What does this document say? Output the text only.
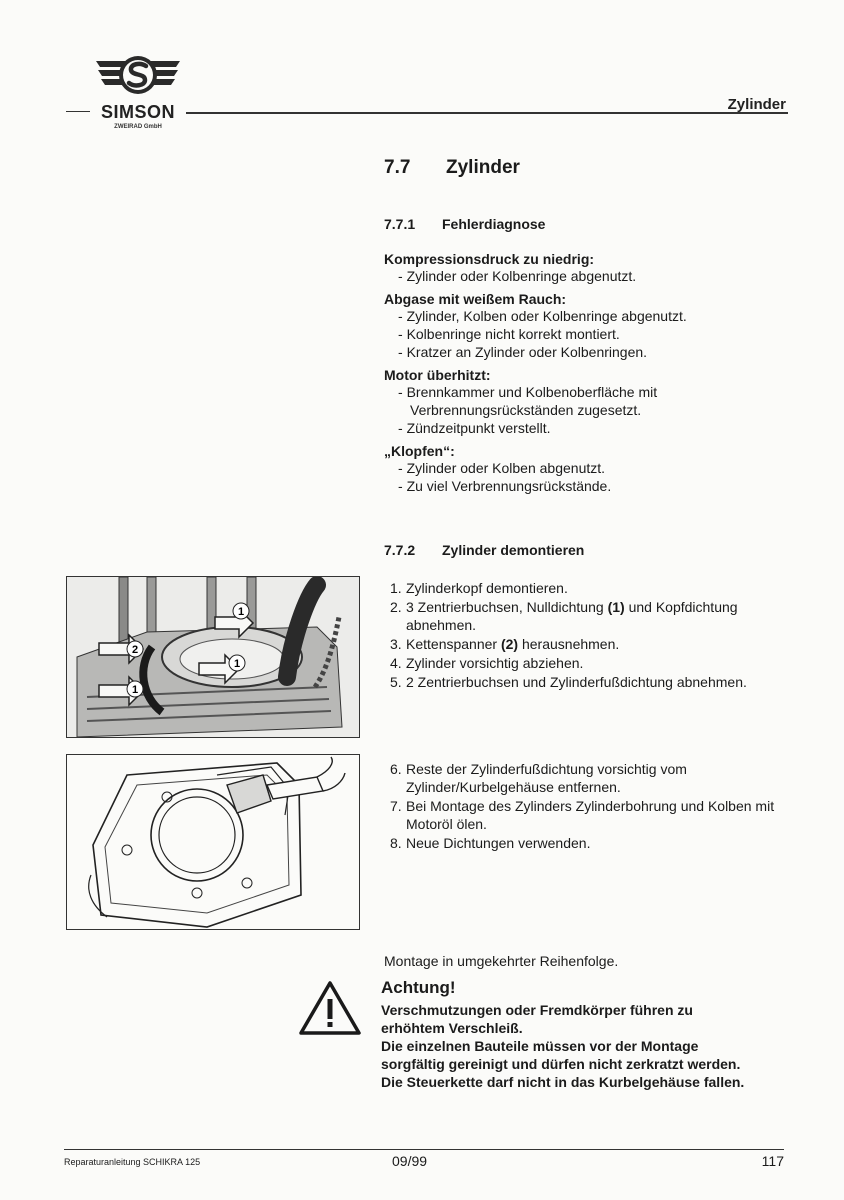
SIMSON
ZWEIRAD GmbH
Zylinder
7.7 Zylinder
7.7.1 Fehlerdiagnose
Kompressionsdruck zu niedrig:
- Zylinder oder Kolbenringe abgenutzt.
Abgase mit weißem Rauch:
- Zylinder, Kolben oder Kolbenringe abgenutzt.
- Kolbenringe nicht korrekt montiert.
- Kratzer an Zylinder oder Kolbenringen.
Motor überhitzt:
- Brennkammer und Kolbenoberfläche mit Verbrennungsrückständen zugesetzt.
- Zündzeitpunkt verstellt.
„Klopfen“:
- Zylinder oder Kolben abgenutzt.
- Zu viel Verbrennungsrückstände.
7.7.2 Zylinder demontieren
1
2
1
1
1. Zylinderkopf demontieren.
2. 3 Zentrierbuchsen, Nulldichtung (1) und Kopfdichtung abnehmen.
3. Kettenspanner (2) herausnehmen.
4. Zylinder vorsichtig abziehen.
5. 2 Zentrierbuchsen und Zylinderfußdichtung abnehmen.
6. Reste der Zylinderfußdichtung vorsichtig vom Zylinder/Kurbelgehäuse entfernen.
7. Bei Montage des Zylinders Zylinderbohrung und Kolben mit Motoröl ölen.
8. Neue Dichtungen verwenden.
Montage in umgekehrter Reihenfolge.
Achtung!
Verschmutzungen oder Fremdkörper führen zu
erhöhtem Verschleiß.
Die einzelnen Bauteile müssen vor der Montage
sorgfältig gereinigt und dürfen nicht zerkratzt werden.
Die Steuerkette darf nicht in das Kurbelgehäuse fallen.
Reparaturanleitung SCHIKRA 125	09/99	117
